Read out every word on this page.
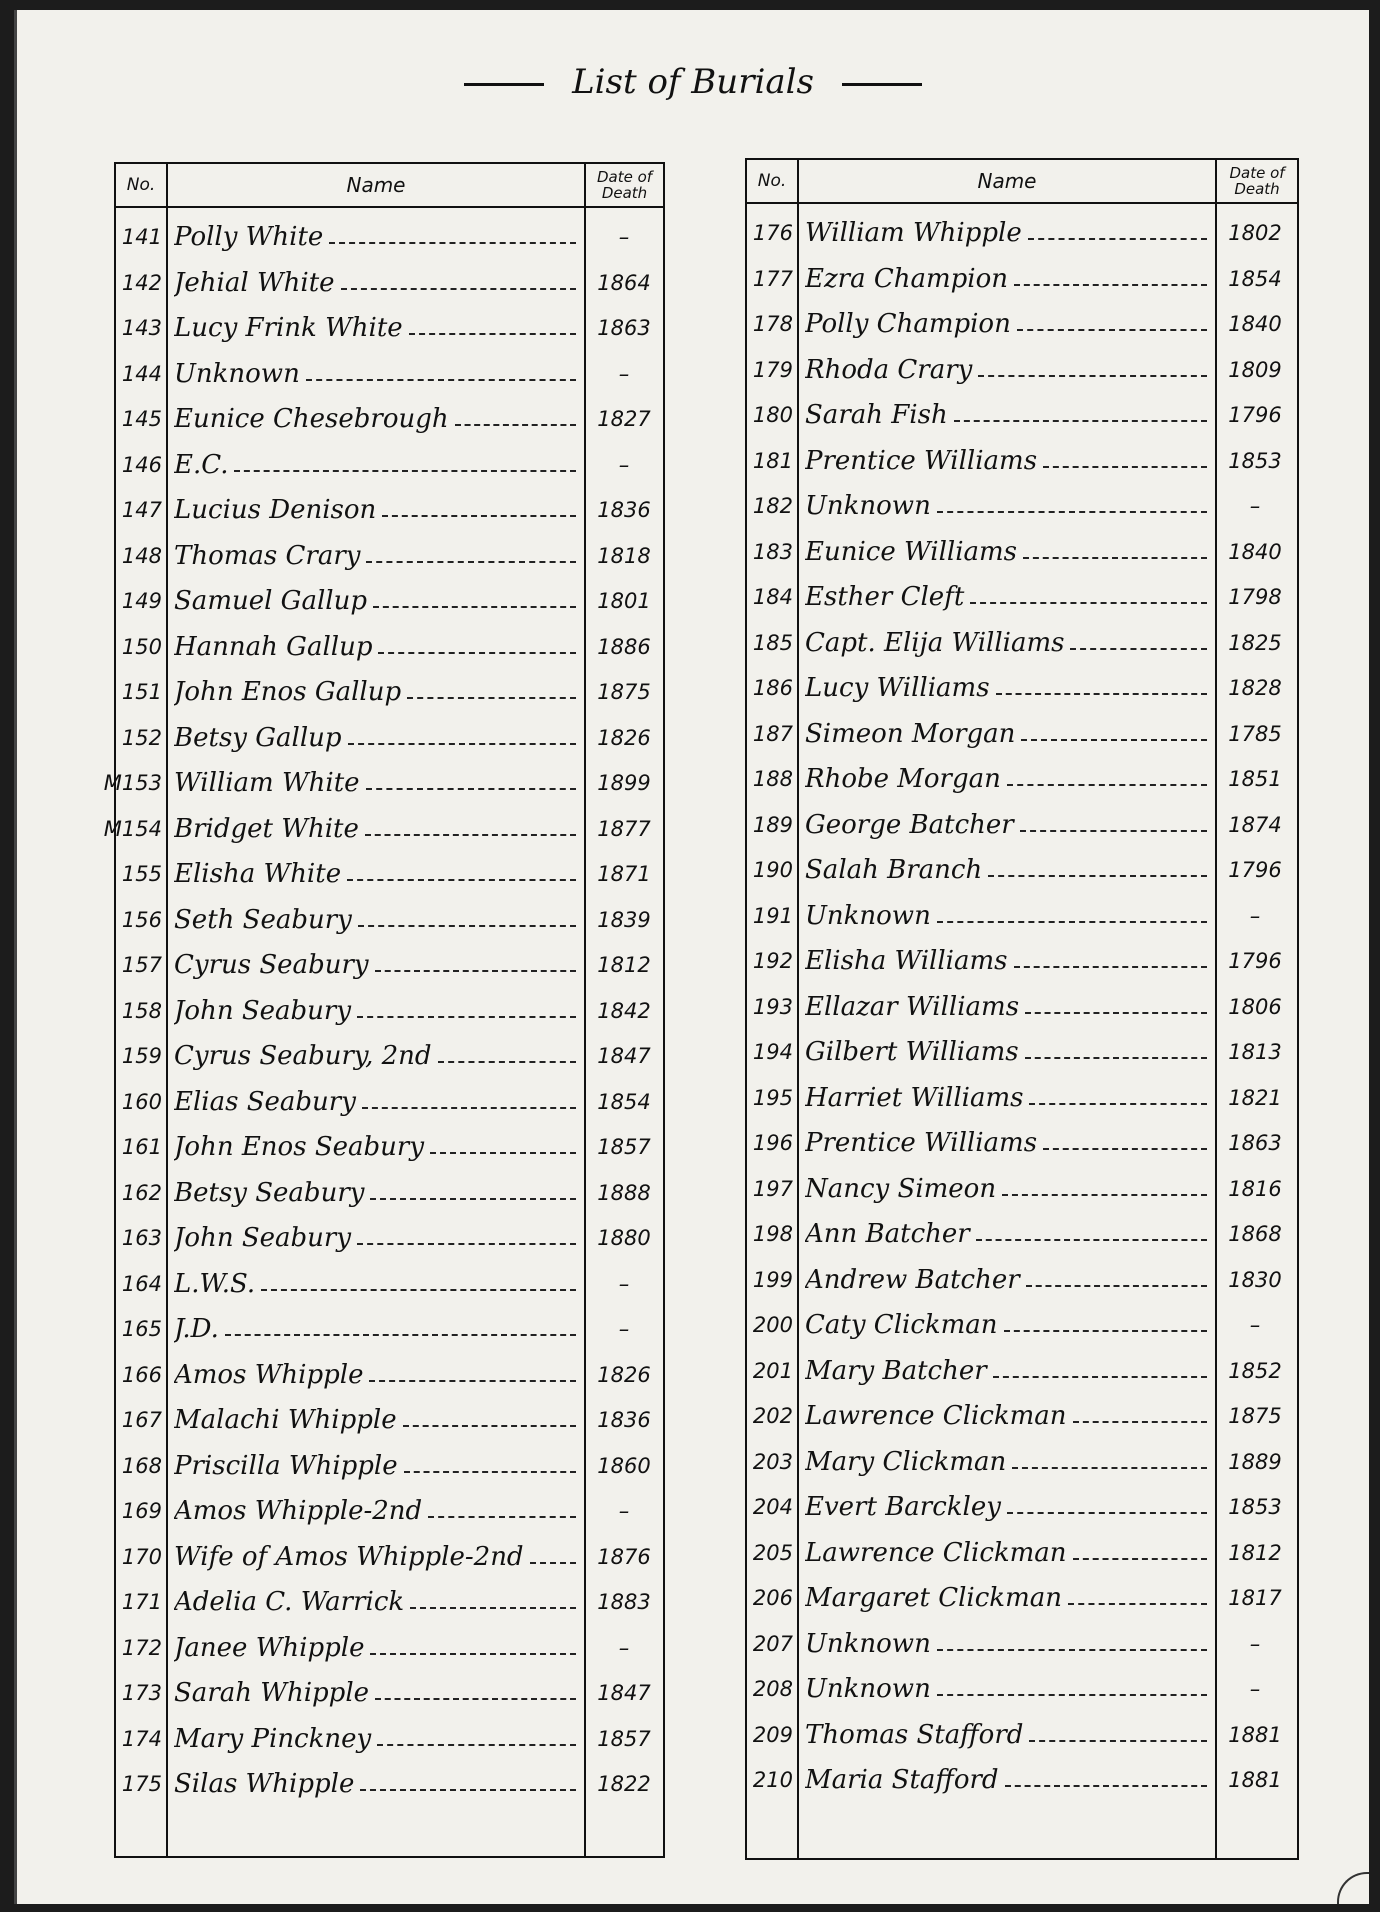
List of Burials
No.	Name	Date of
Death
141 Polly White	–
142 Jehial White	1864
143 Lucy Frink White	1863
144 Unknown	–
145 Eunice Chesebrough	1827
146 E.C.	–
147 Lucius Denison	1836
148 Thomas Crary	1818
149 Samuel Gallup	1801
150 Hannah Gallup	1886
151 John Enos Gallup	1875
152 Betsy Gallup	1826
M153 William White	1899
M154 Bridget White	1877
155 Elisha White	1871
156 Seth Seabury	1839
157 Cyrus Seabury	1812
158 John Seabury	1842
159 Cyrus Seabury, 2nd	1847
160 Elias Seabury	1854
161 John Enos Seabury	1857
162 Betsy Seabury	1888
163 John Seabury	1880
164 L.W.S.	–
165 J.D.	–
166 Amos Whipple	1826
167 Malachi Whipple	1836
168 Priscilla Whipple	1860
169 Amos Whipple-2nd	–
170 Wife of Amos Whipple-2nd	1876
171 Adelia C. Warrick	1883
172 Janee Whipple	–
173 Sarah Whipple	1847
174 Mary Pinckney	1857
175 Silas Whipple	1822
No.	Name	Date of
Death
176 William Whipple	1802
177 Ezra Champion	1854
178 Polly Champion	1840
179 Rhoda Crary	1809
180 Sarah Fish	1796
181 Prentice Williams	1853
182 Unknown	–
183 Eunice Williams	1840
184 Esther Cleft	1798
185 Capt. Elija Williams	1825
186 Lucy Williams	1828
187 Simeon Morgan	1785
188 Rhobe Morgan	1851
189 George Batcher	1874
190 Salah Branch	1796
191 Unknown	–
192 Elisha Williams	1796
193 Ellazar Williams	1806
194 Gilbert Williams	1813
195 Harriet Williams	1821
196 Prentice Williams	1863
197 Nancy Simeon	1816
198 Ann Batcher	1868
199 Andrew Batcher	1830
200 Caty Clickman	–
201 Mary Batcher	1852
202 Lawrence Clickman	1875
203 Mary Clickman	1889
204 Evert Barckley	1853
205 Lawrence Clickman	1812
206 Margaret Clickman	1817
207 Unknown	–
208 Unknown	–
209 Thomas Stafford	1881
210 Maria Stafford	1881
